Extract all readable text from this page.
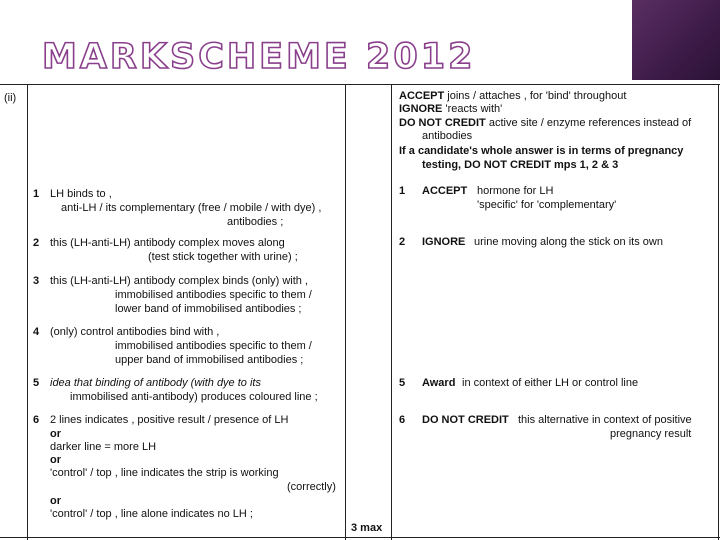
MARKSCHEME 2012
(ii)
3 max
1 LH binds to ,
anti-LH / its complementary (free / mobile / with dye) ,
antibodies ;
2 this (LH-anti-LH) antibody complex moves along
(test stick together with urine) ;
3 this (LH-anti-LH) antibody complex binds (only) with ,
immobilised antibodies specific to them /
lower band of immobilised antibodies ;
4 (only) control antibodies bind with ,
immobilised antibodies specific to them /
upper band of immobilised antibodies ;
5 idea that binding of antibody (with dye to its
immobilised anti-antibody) produces coloured line ;
6 2 lines indicates , positive result / presence of LH
or
darker line = more LH
or
'control' / top , line indicates the strip is working
(correctly)
or
'control' / top , line alone indicates no LH ;
ACCEPT joins / attaches , for 'bind' throughout
IGNORE 'reacts with'
DO NOT CREDIT active site / enzyme references instead of
antibodies
If a candidate's whole answer is in terms of pregnancy
testing, DO NOT CREDIT mps 1, 2 & 3
1 ACCEPT hormone for LH
'specific' for 'complementary'
2 IGNORE urine moving along the stick on its own
5 Award in context of either LH or control line
6 DO NOT CREDIT this alternative in context of positive
pregnancy result
